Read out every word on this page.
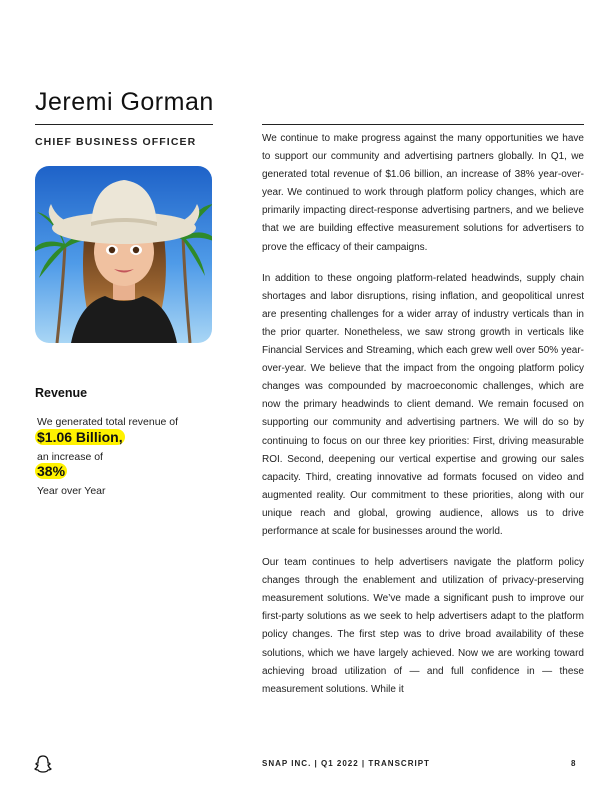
Jeremi Gorman
CHIEF BUSINESS OFFICER
Revenue
We generated total revenue of
$1.06 Billion,
an increase of
38%
Year over Year

We continue to make progress against the many opportunities we have to support our community and advertising partners globally. In Q1, we generated total revenue of $1.06 billion, an increase of 38% year-over-year. We continued to work through platform policy changes, which are primarily impacting direct-response advertising partners, and we believe that we are building effective measurement solutions for advertisers to prove the efficacy of their campaigns.

In addition to these ongoing platform-related headwinds, supply chain shortages and labor disruptions, rising inflation, and geopolitical unrest are presenting challenges for a wider array of industry verticals than in the prior quarter. Nonetheless, we saw strong growth in verticals like Financial Services and Streaming, which each grew well over 50% year-over-year. We believe that the impact from the ongoing platform policy changes was compounded by macroeconomic challenges, which are now the primary headwinds to client demand. We remain focused on supporting our community and advertising partners. We will do so by continuing to focus on our three key priorities: First, driving measurable ROI. Second, deepening our vertical expertise and growing our sales capacity. Third, creating innovative ad formats focused on video and augmented reality. Our commitment to these priorities, along with our unique reach and global, growing audience, allows us to drive performance at scale for businesses around the world.

Our team continues to help advertisers navigate the platform policy changes through the enablement and utilization of privacy-preserving measurement solutions. We’ve made a significant push to improve our first-party solutions as we seek to help advertisers adapt to the platform policy changes. The first step was to drive broad availability of these solutions, which we have largely achieved. Now we are working toward achieving broad utilization of — and full confidence in — these measurement solutions. While it

SNAP INC. | Q1 2022 | TRANSCRIPT	8
